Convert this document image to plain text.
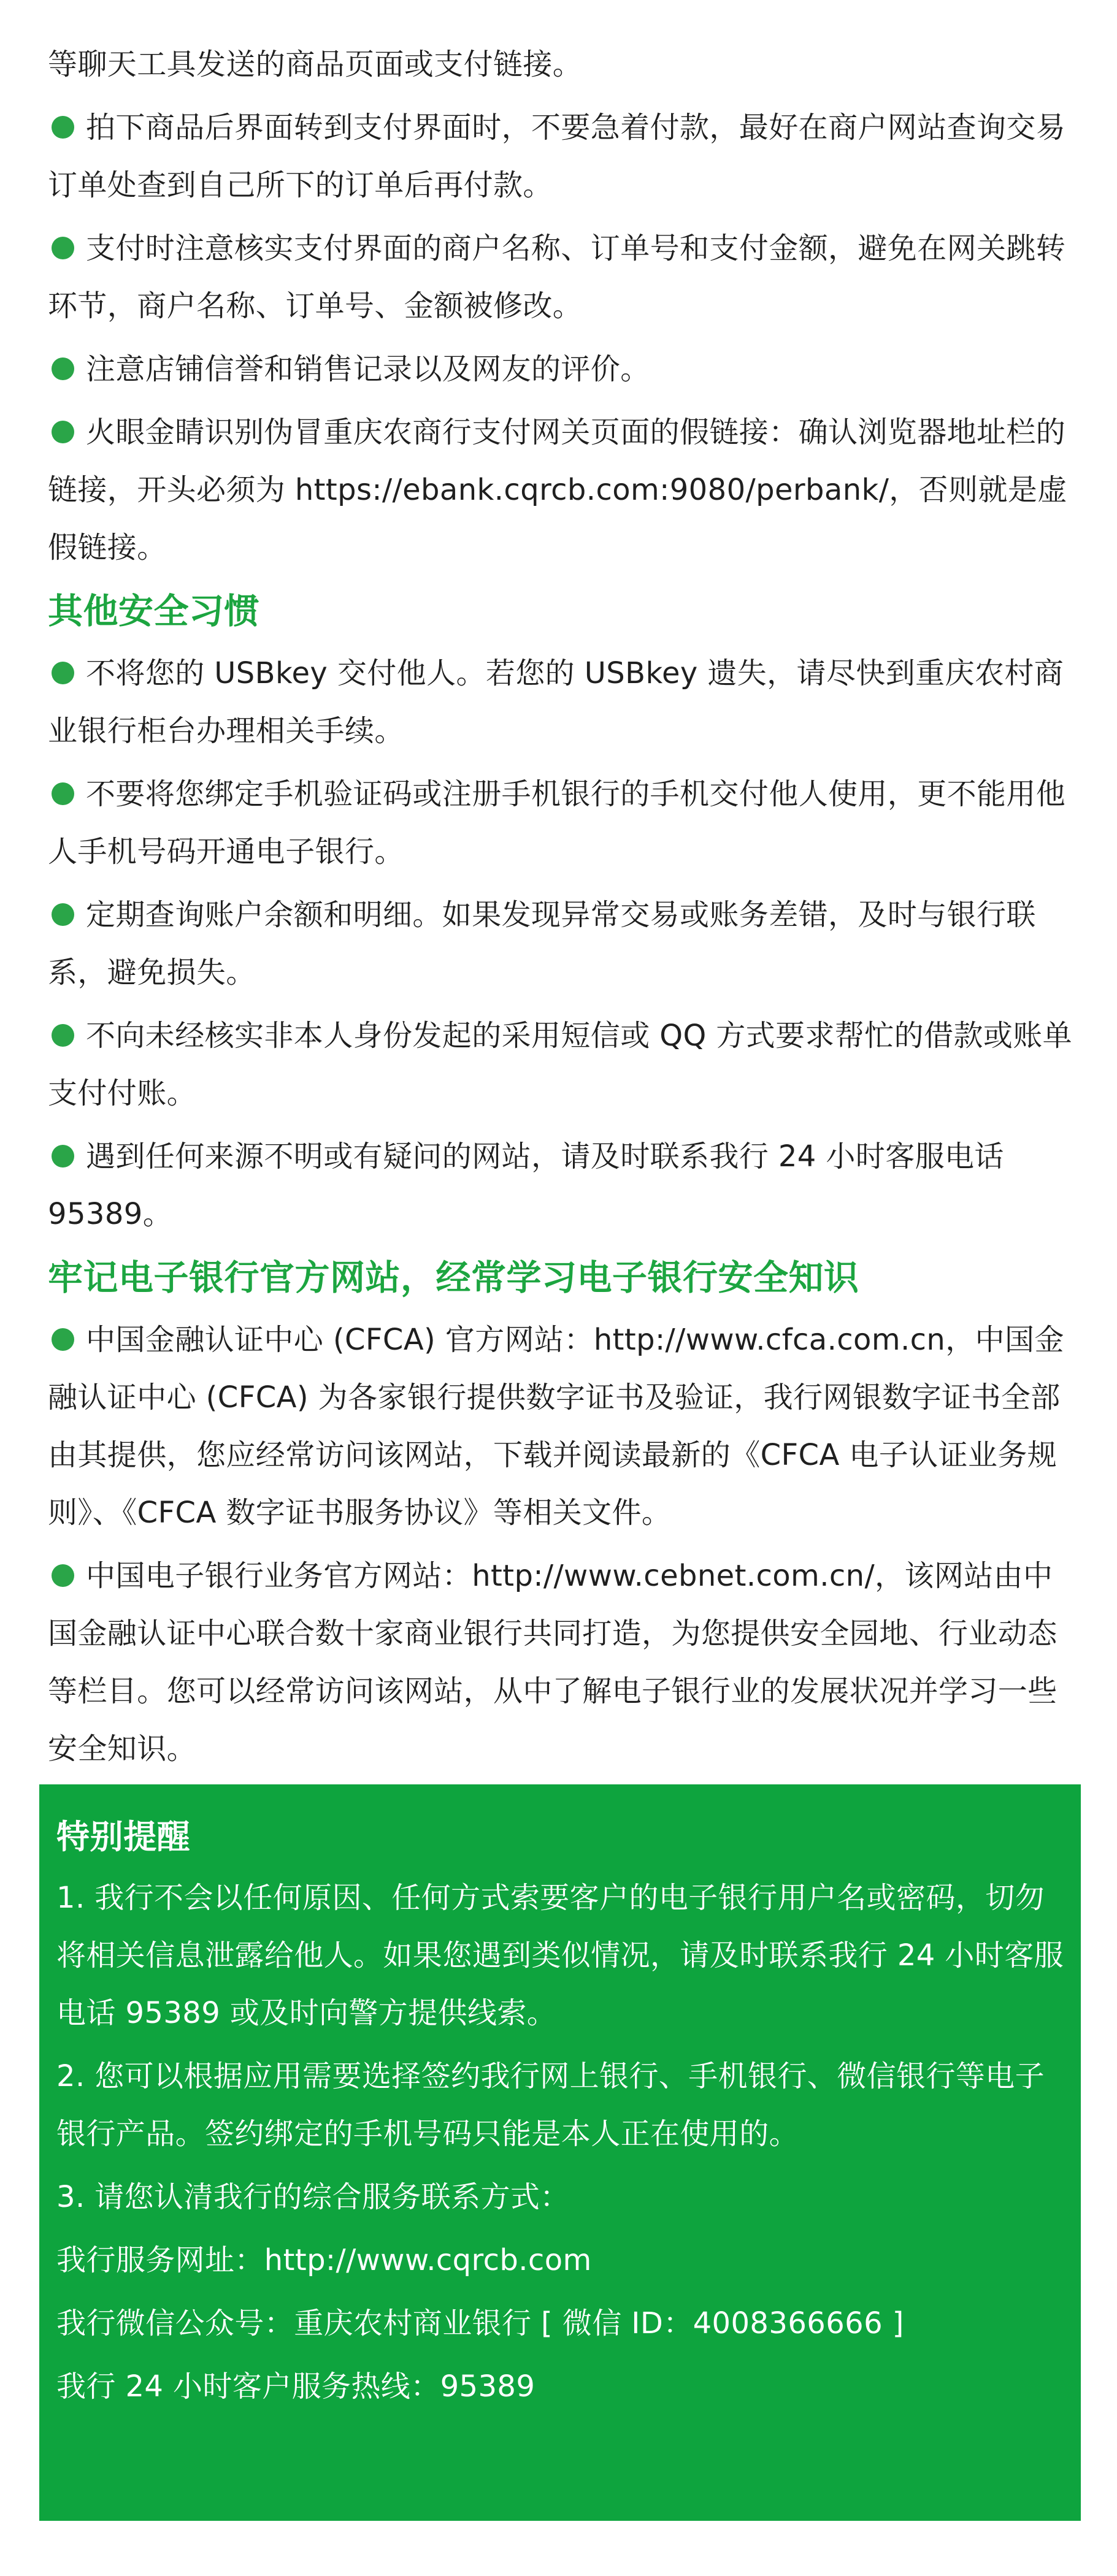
等聊天工具发送的商品页面或支付链接。

拍下商品后界面转到支付界面时，不要急着付款，最好在商户网站查询交易订单处查到自己所下的订单后再付款。

支付时注意核实支付界面的商户名称、订单号和支付金额，避免在网关跳转环节，商户名称、订单号、金额被修改。

注意店铺信誉和销售记录以及网友的评价。

火眼金睛识别伪冒重庆农商行支付网关页面的假链接：确认浏览器地址栏的链接，开头必须为 https://ebank.cqrcb.com:9080/perbank/，否则就是虚假链接。

其他安全习惯

不将您的 USBkey 交付他人。若您的 USBkey 遗失，请尽快到重庆农村商业银行柜台办理相关手续。

不要将您绑定手机验证码或注册手机银行的手机交付他人使用，更不能用他人手机号码开通电子银行。

定期查询账户余额和明细。如果发现异常交易或账务差错，及时与银行联系，避免损失。

不向未经核实非本人身份发起的采用短信或 QQ 方式要求帮忙的借款或账单支付付账。

遇到任何来源不明或有疑问的网站，请及时联系我行 24 小时客服电话 95389。

牢记电子银行官方网站，经常学习电子银行安全知识

中国金融认证中心 (CFCA) 官方网站：http://www.cfca.com.cn，中国金融认证中心 (CFCA) 为各家银行提供数字证书及验证，我行网银数字证书全部由其提供，您应经常访问该网站，下载并阅读最新的《CFCA 电子认证业务规则》、《CFCA 数字证书服务协议》等相关文件。

中国电子银行业务官方网站：http://www.cebnet.com.cn/，该网站由中国金融认证中心联合数十家商业银行共同打造，为您提供安全园地、行业动态等栏目。您可以经常访问该网站，从中了解电子银行业的发展状况并学习一些安全知识。

特别提醒

1. 我行不会以任何原因、任何方式索要客户的电子银行用户名或密码，切勿将相关信息泄露给他人。如果您遇到类似情况，请及时联系我行 24 小时客服电话 95389 或及时向警方提供线索。

2. 您可以根据应用需要选择签约我行网上银行、手机银行、微信银行等电子银行产品。签约绑定的手机号码只能是本人正在使用的。

3. 请您认清我行的综合服务联系方式：

我行服务网址：http://www.cqrcb.com

我行微信公众号：重庆农村商业银行 [ 微信 ID：4008366666 ]

我行 24 小时客户服务热线：95389
